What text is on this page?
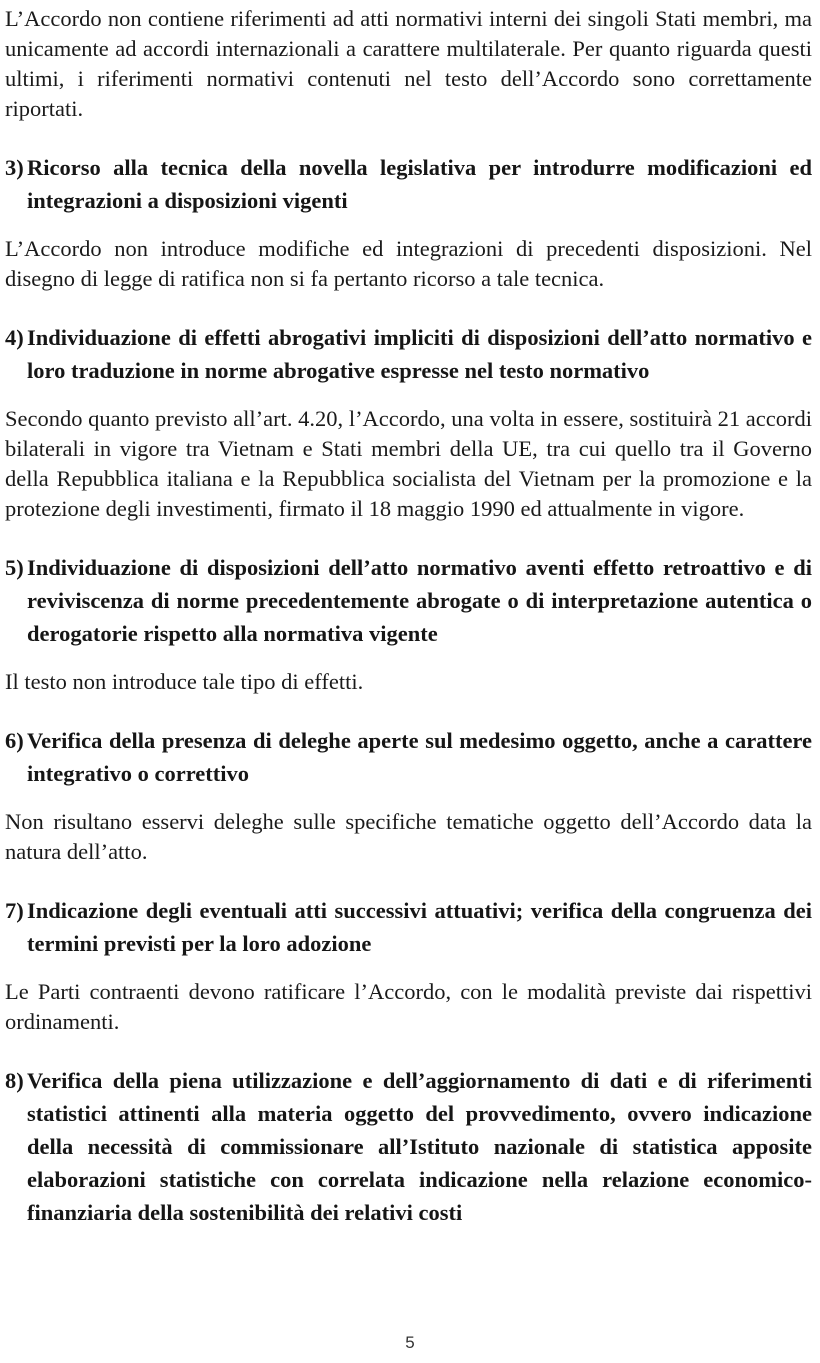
L’Accordo non contiene riferimenti ad atti normativi interni dei singoli Stati membri, ma unicamente ad accordi internazionali a carattere multilaterale. Per quanto riguarda questi ultimi, i riferimenti normativi contenuti nel testo dell’Accordo sono correttamente riportati.

3) Ricorso alla tecnica della novella legislativa per introdurre modificazioni ed integrazioni a disposizioni vigenti

L’Accordo non introduce modifiche ed integrazioni di precedenti disposizioni. Nel disegno di legge di ratifica non si fa pertanto ricorso a tale tecnica.

4) Individuazione di effetti abrogativi impliciti di disposizioni dell’atto normativo e loro traduzione in norme abrogative espresse nel testo normativo

Secondo quanto previsto all’art. 4.20, l’Accordo, una volta in essere, sostituirà 21 accordi bilaterali in vigore tra Vietnam e Stati membri della UE, tra cui quello tra il Governo della Repubblica italiana e la Repubblica socialista del Vietnam per la promozione e la protezione degli investimenti, firmato il 18 maggio 1990 ed attualmente in vigore.

5) Individuazione di disposizioni dell’atto normativo aventi effetto retroattivo e di reviviscenza di norme precedentemente abrogate o di interpretazione autentica o derogatorie rispetto alla normativa vigente

Il testo non introduce tale tipo di effetti.

6) Verifica della presenza di deleghe aperte sul medesimo oggetto, anche a carattere integrativo o correttivo

Non risultano esservi deleghe sulle specifiche tematiche oggetto dell’Accordo data la natura dell’atto.

7) Indicazione degli eventuali atti successivi attuativi; verifica della congruenza dei termini previsti per la loro adozione

Le Parti contraenti devono ratificare l’Accordo, con le modalità previste dai rispettivi ordinamenti.

8) Verifica della piena utilizzazione e dell’aggiornamento di dati e di riferimenti statistici attinenti alla materia oggetto del provvedimento, ovvero indicazione della necessità di commissionare all’Istituto nazionale di statistica apposite elaborazioni statistiche con correlata indicazione nella relazione economico-finanziaria della sostenibilità dei relativi costi
5
